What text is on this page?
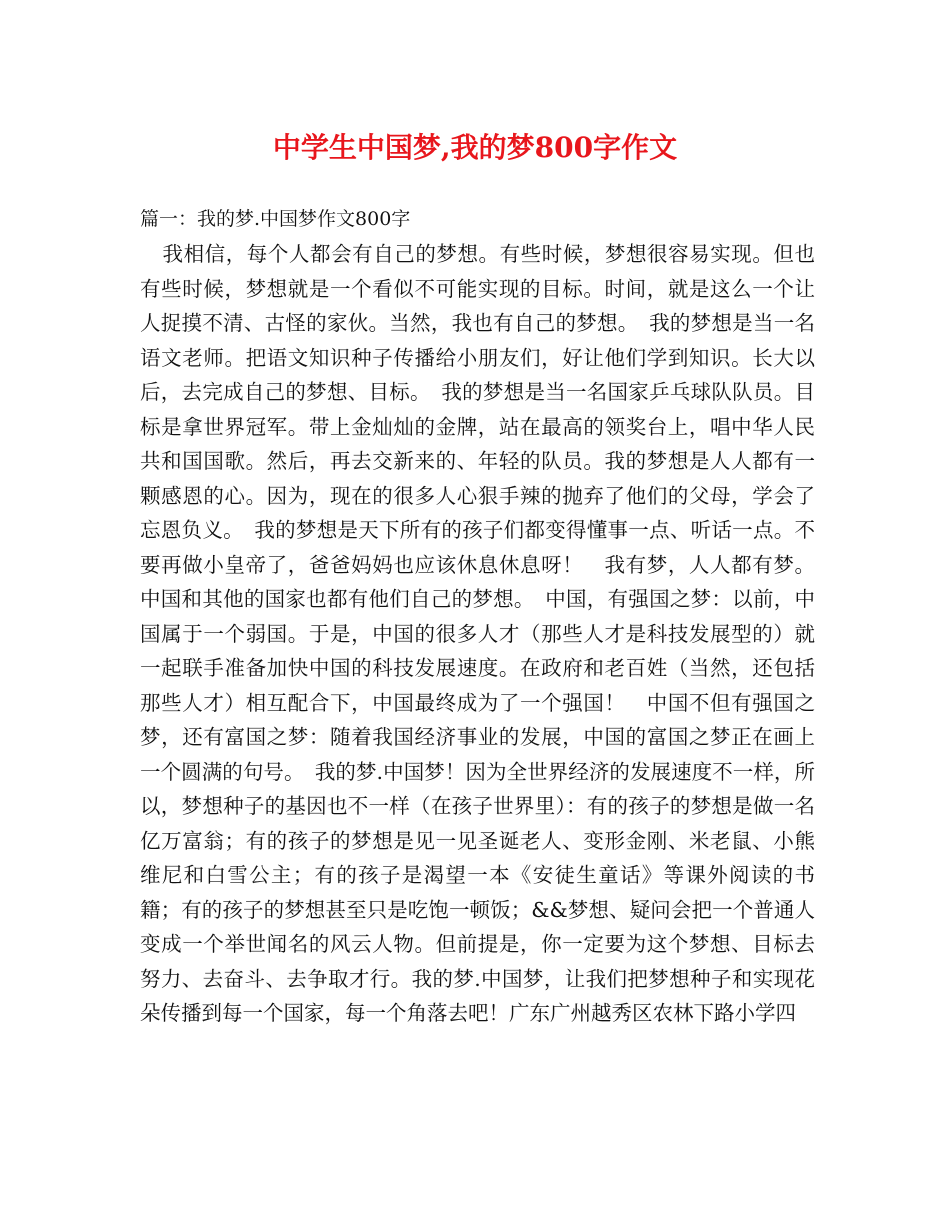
中学生中国梦,我的梦800字作文

篇一：我的梦.中国梦作文800字

我相信，每个人都会有自己的梦想。有些时候，梦想很容易实现。但也有些时候，梦想就是一个看似不可能实现的目标。时间，就是这么一个让人捉摸不清、古怪的家伙。当然，我也有自己的梦想。　我的梦想是当一名语文老师。把语文知识种子传播给小朋友们，好让他们学到知识。长大以后，去完成自己的梦想、目标。　我的梦想是当一名国家乒乓球队队员。目标是拿世界冠军。带上金灿灿的金牌，站在最高的领奖台上，唱中华人民共和国国歌。然后，再去交新来的、年轻的队员。我的梦想是人人都有一颗感恩的心。因为，现在的很多人心狠手辣的抛弃了他们的父母，学会了忘恩负义。　我的梦想是天下所有的孩子们都变得懂事一点、听话一点。不要再做小皇帝了，爸爸妈妈也应该休息休息呀！　我有梦，人人都有梦。中国和其他的国家也都有他们自己的梦想。　中国，有强国之梦：以前，中国属于一个弱国。于是，中国的很多人才（那些人才是科技发展型的）就一起联手准备加快中国的科技发展速度。在政府和老百姓（当然，还包括那些人才）相互配合下，中国最终成为了一个强国！　中国不但有强国之梦，还有富国之梦：随着我国经济事业的发展，中国的富国之梦正在画上一个圆满的句号。　我的梦.中国梦！因为全世界经济的发展速度不一样，所以，梦想种子的基因也不一样（在孩子世界里）：有的孩子的梦想是做一名亿万富翁；有的孩子的梦想是见一见圣诞老人、变形金刚、米老鼠、小熊维尼和白雪公主；有的孩子是渴望一本《安徒生童话》等课外阅读的书籍；有的孩子的梦想甚至只是吃饱一顿饭；&&梦想、疑问会把一个普通人变成一个举世闻名的风云人物。但前提是，你一定要为这个梦想、目标去努力、去奋斗、去争取才行。我的梦.中国梦，让我们把梦想种子和实现花朵传播到每一个国家，每一个角落去吧！广东广州越秀区农林下路小学四
